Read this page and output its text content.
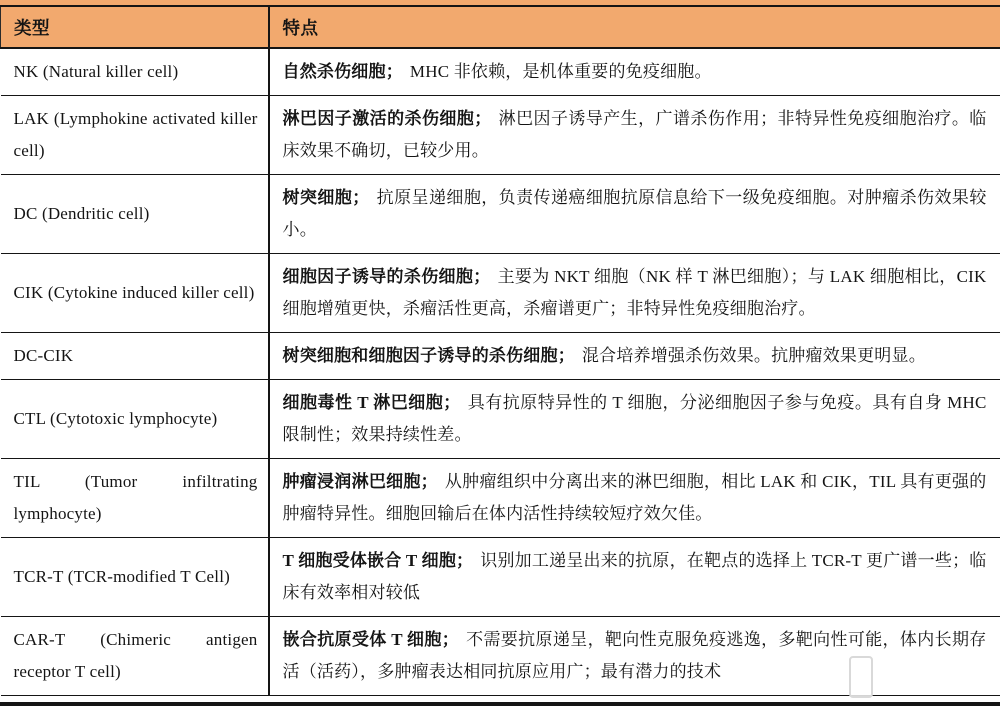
类型	特点
NK (Natural killer cell)	自然杀伤细胞； MHC 非依赖，是机体重要的免疫细胞。
LAK (Lymphokine activated killer cell)	淋巴因子激活的杀伤细胞； 淋巴因子诱导产生，广谱杀伤作用；非特异性免疫细胞治疗。临床效果不确切，已较少用。
DC (Dendritic cell)	树突细胞； 抗原呈递细胞，负责传递癌细胞抗原信息给下一级免疫细胞。对肿瘤杀伤效果较小。
CIK (Cytokine induced killer cell)	细胞因子诱导的杀伤细胞； 主要为 NKT 细胞（NK 样 T 淋巴细胞）；与 LAK 细胞相比，CIK 细胞增殖更快，杀瘤活性更高，杀瘤谱更广；非特异性免疫细胞治疗。
DC-CIK	树突细胞和细胞因子诱导的杀伤细胞； 混合培养增强杀伤效果。抗肿瘤效果更明显。
CTL (Cytotoxic lymphocyte)	细胞毒性 T 淋巴细胞； 具有抗原特异性的 T 细胞，分泌细胞因子参与免疫。具有自身 MHC 限制性；效果持续性差。
TIL (Tumor infiltrating lymphocyte)	肿瘤浸润淋巴细胞； 从肿瘤组织中分离出来的淋巴细胞，相比 LAK 和 CIK，TIL 具有更强的肿瘤特异性。细胞回输后在体内活性持续较短疗效欠佳。
TCR-T (TCR-modified T Cell)	T 细胞受体嵌合 T 细胞； 识别加工递呈出来的抗原，在靶点的选择上 TCR-T 更广谱一些；临床有效率相对较低
CAR-T (Chimeric antigen receptor T cell)	嵌合抗原受体 T 细胞； 不需要抗原递呈，靶向性克服免疫逃逸，多靶向性可能，体内长期存活（活药），多肿瘤表达相同抗原应用广；最有潜力的技术
